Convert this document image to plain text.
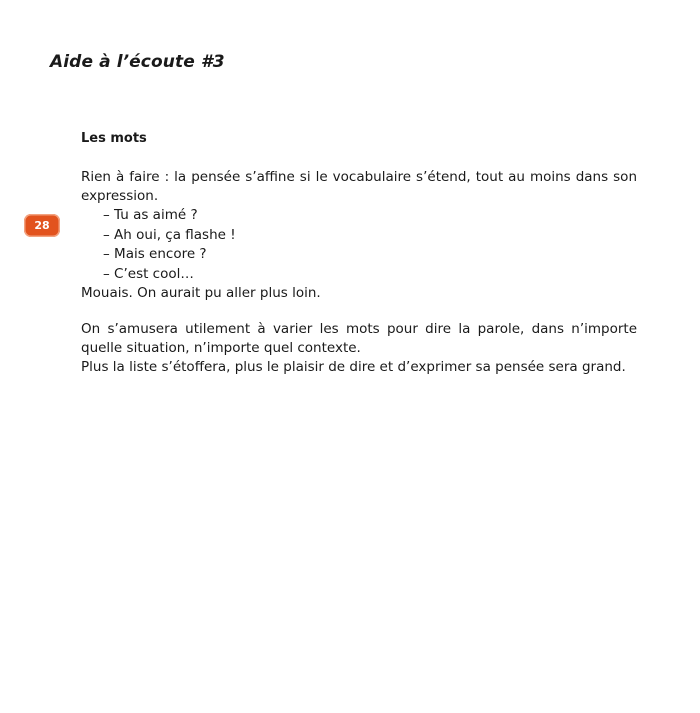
Aide à l’écoute #3
28
Les mots

Rien à faire : la pensée s’affine si le vocabulaire s’étend, tout au moins dans son expression.

– Tu as aimé ?
– Ah oui, ça flashe !
– Mais encore ?
– C’est cool…

Mouais. On aurait pu aller plus loin.

On s’amusera utilement à varier les mots pour dire la parole, dans n’importe quelle situation, n’importe quel contexte.

Plus la liste s’étoffera, plus le plaisir de dire et d’exprimer sa pensée sera grand.
